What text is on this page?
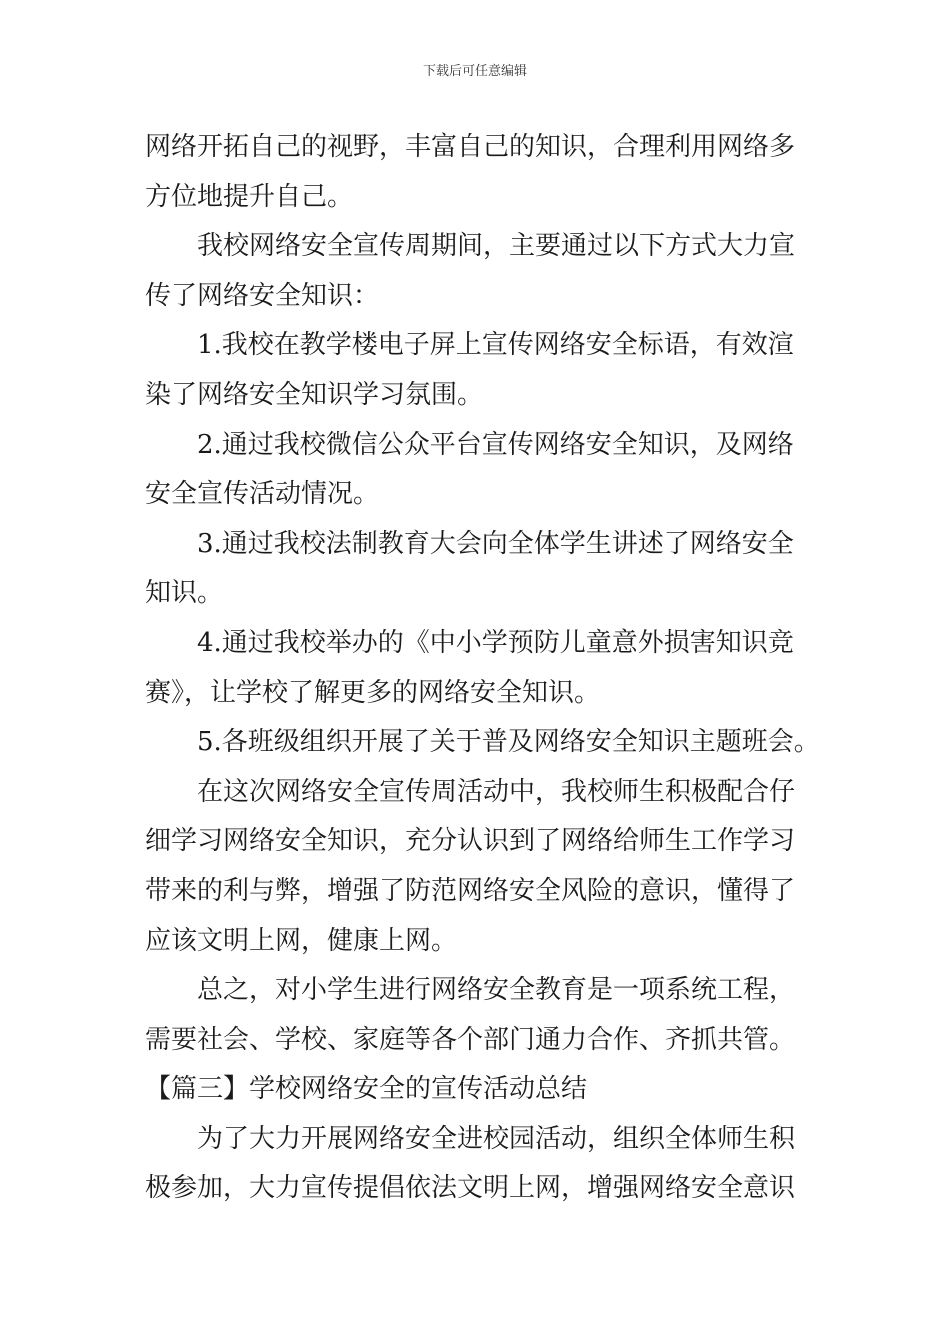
下载后可任意编辑
网络开拓自己的视野，丰富自己的知识，合理利用网络多
方位地提升自己。
我校网络安全宣传周期间，主要通过以下方式大力宣
传了网络安全知识：
1.我校在教学楼电子屏上宣传网络安全标语，有效渲
染了网络安全知识学习氛围。
2.通过我校微信公众平台宣传网络安全知识，及网络
安全宣传活动情况。
3.通过我校法制教育大会向全体学生讲述了网络安全
知识。
4.通过我校举办的《中小学预防儿童意外损害知识竞
赛》，让学校了解更多的网络安全知识。
5.各班级组织开展了关于普及网络安全知识主题班会。
在这次网络安全宣传周活动中，我校师生积极配合仔
细学习网络安全知识，充分认识到了网络给师生工作学习
带来的利与弊，增强了防范网络安全风险的意识，懂得了
应该文明上网，健康上网。
总之，对小学生进行网络安全教育是一项系统工程，
需要社会、学校、家庭等各个部门通力合作、齐抓共管。
【篇三】学校网络安全的宣传活动总结
为了大力开展网络安全进校园活动，组织全体师生积
极参加，大力宣传提倡依法文明上网，增强网络安全意识
